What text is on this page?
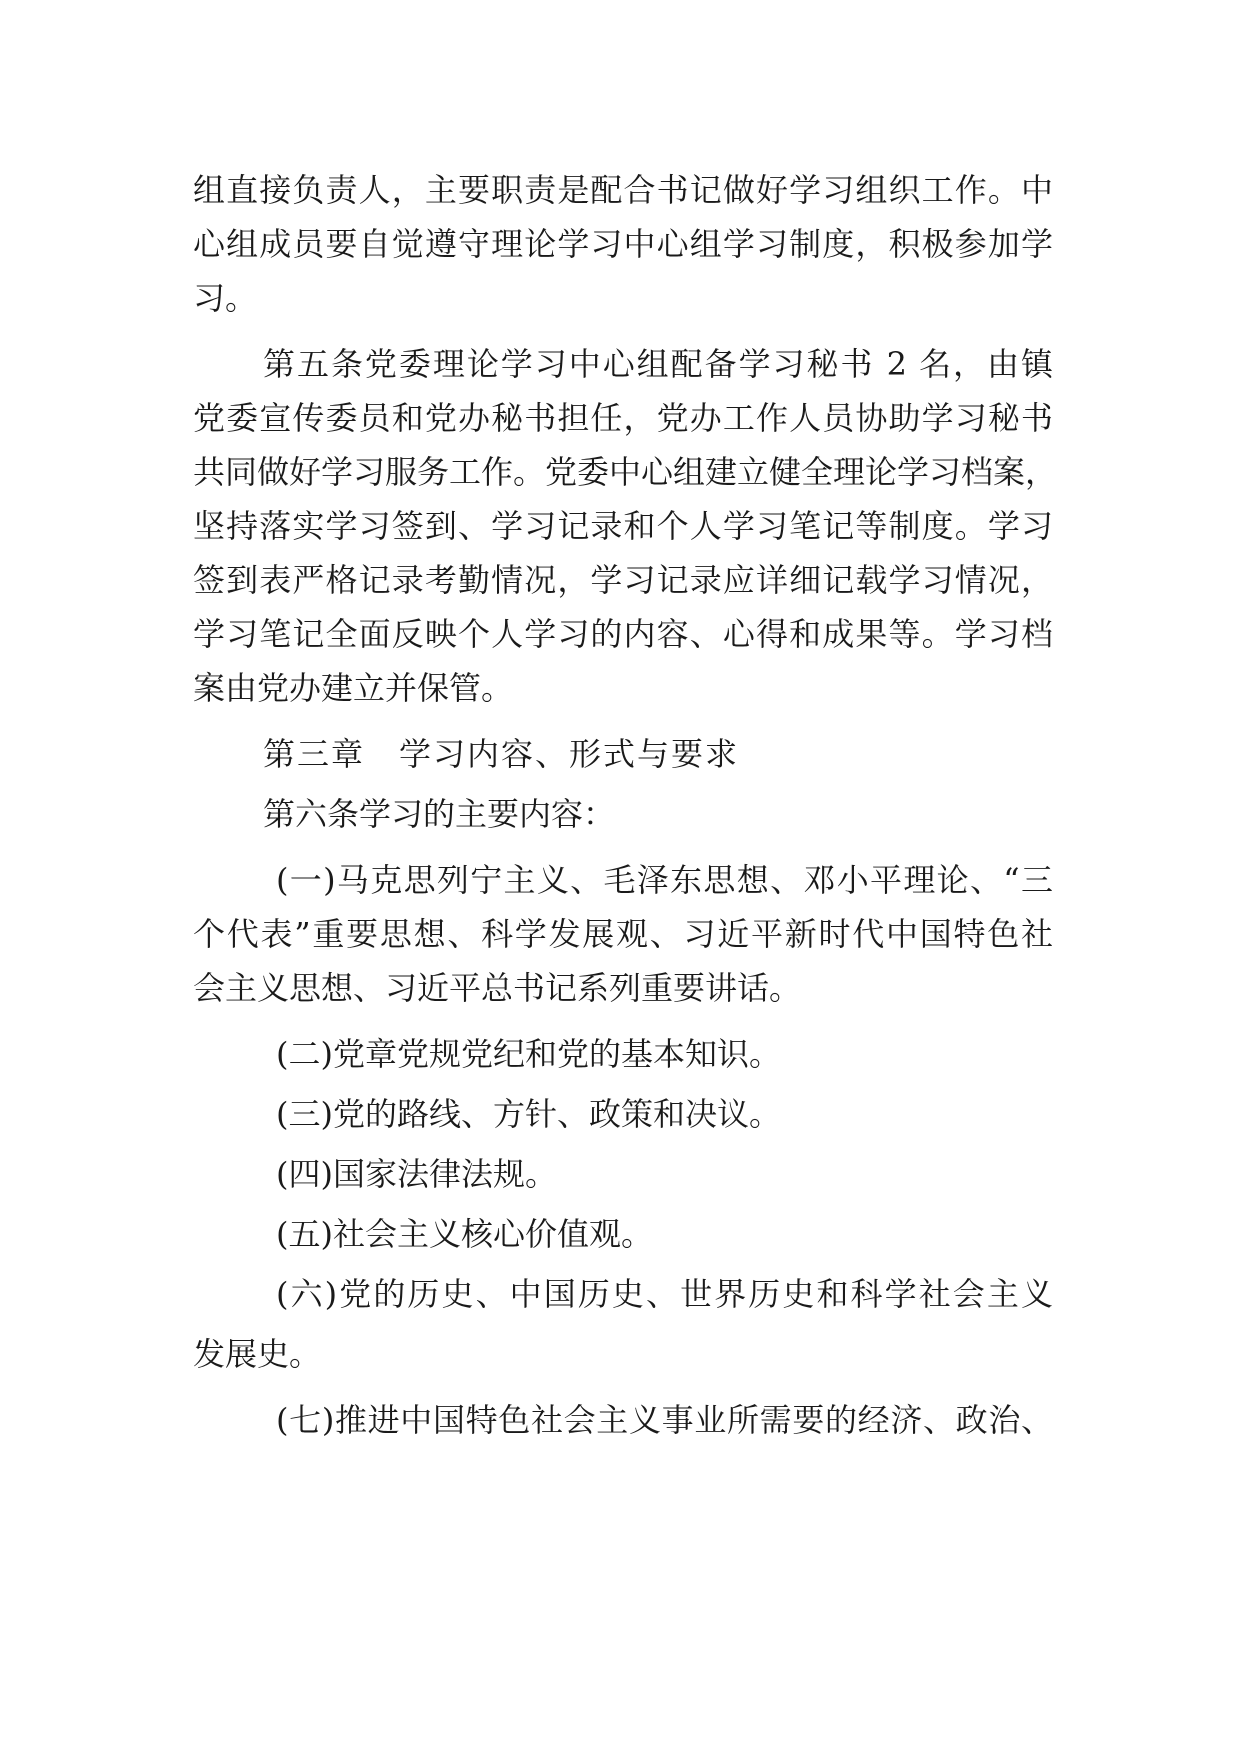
组直接负责人，主要职责是配合书记做好学习组织工作。中
心组成员要自觉遵守理论学习中心组学习制度，积极参加学
习。
第五条党委理论学习中心组配备学习秘书 2 名，由镇
党委宣传委员和党办秘书担任，党办工作人员协助学习秘书
共同做好学习服务工作。党委中心组建立健全理论学习档案，
坚持落实学习签到、学习记录和个人学习笔记等制度。学习
签到表严格记录考勤情况，学习记录应详细记载学习情况，
学习笔记全面反映个人学习的内容、心得和成果等。学习档
案由党办建立并保管。
第三章　学习内容、形式与要求
第六条学习的主要内容：
(一)马克思列宁主义、毛泽东思想、邓小平理论、“三
个代表”重要思想、科学发展观、习近平新时代中国特色社
会主义思想、习近平总书记系列重要讲话。
(二)党章党规党纪和党的基本知识。
(三)党的路线、方针、政策和决议。
(四)国家法律法规。
(五)社会主义核心价值观。
(六)党的历史、中国历史、世界历史和科学社会主义
发展史。
(七)推进中国特色社会主义事业所需要的经济、政治、
